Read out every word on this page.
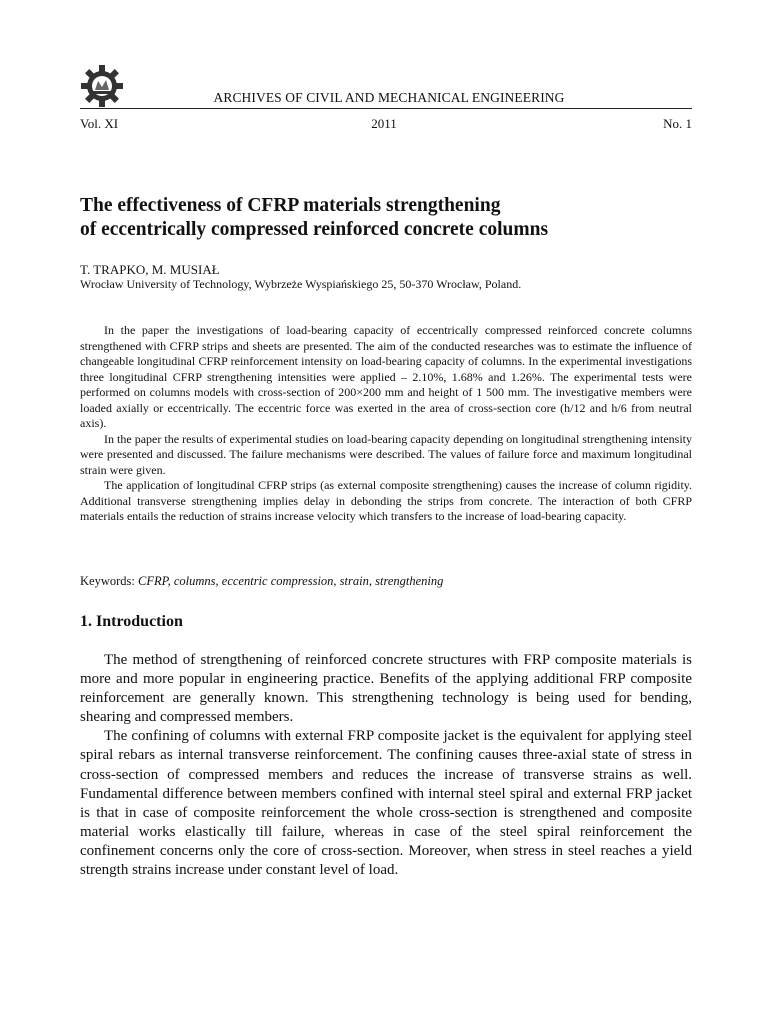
ARCHIVES OF CIVIL AND MECHANICAL ENGINEERING
Vol. XI	2011	No. 1
The effectiveness of CFRP materials strengthening
of eccentrically compressed reinforced concrete columns
T. TRAPKO, M. MUSIAŁ
Wrocław University of Technology, Wybrzeże Wyspiańskiego 25, 50-370 Wrocław, Poland.

In the paper the investigations of load-bearing capacity of eccentrically compressed reinforced concrete columns strengthened with CFRP strips and sheets are presented. The aim of the conducted researches was to estimate the influence of changeable longitudinal CFRP reinforcement intensity on load-bearing capacity of columns. In the experimental investigations three longitudinal CFRP strengthening intensities were applied – 2.10%, 1.68% and 1.26%. The experimental tests were performed on columns models with cross-section of 200×200 mm and height of 1 500 mm. The investigative members were loaded axially or eccentrically. The eccentric force was exerted in the area of cross-section core (h/12 and h/6 from neutral axis).

In the paper the results of experimental studies on load-bearing capacity depending on longitudinal strengthening intensity were presented and discussed. The failure mechanisms were described. The values of failure force and maximum longitudinal strain were given.

The application of longitudinal CFRP strips (as external composite strengthening) causes the increase of column rigidity. Additional transverse strengthening implies delay in debonding the strips from concrete. The interaction of both CFRP materials entails the reduction of strains increase velocity which transfers to the increase of load-bearing capacity.

Keywords: CFRP, columns, eccentric compression, strain, strengthening
1. Introduction

The method of strengthening of reinforced concrete structures with FRP composite materials is more and more popular in engineering practice. Benefits of the applying additional FRP composite reinforcement are generally known. This strengthening technology is being used for bending, shearing and compressed members.

The confining of columns with external FRP composite jacket is the equivalent for applying steel spiral rebars as internal transverse reinforcement. The confining causes three-axial state of stress in cross-section of compressed members and reduces the increase of transverse strains as well. Fundamental difference between members confined with internal steel spiral and external FRP jacket is that in case of composite reinforcement the whole cross-section is strengthened and composite material works elastically till failure, whereas in case of the steel spiral reinforcement the confinement concerns only the core of cross-section. Moreover, when stress in steel reaches a yield strength strains increase under constant level of load.
